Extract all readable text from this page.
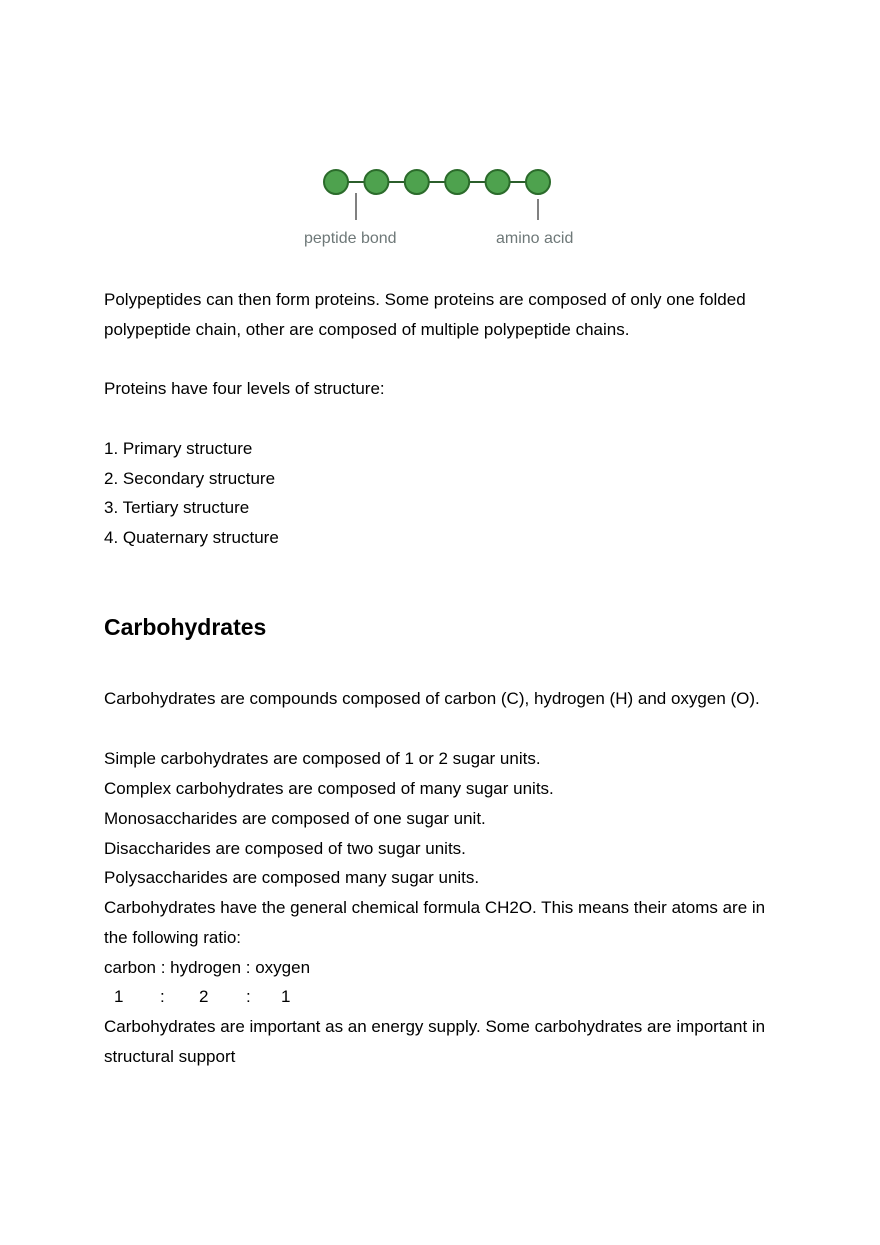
peptide bond	amino acid
Polypeptides can then form proteins. Some proteins are composed of only one folded
polypeptide chain, other are composed of multiple polypeptide chains.
Proteins have four levels of structure:
1. Primary structure
2. Secondary structure
3. Tertiary structure
4. Quaternary structure
Carbohydrates
Carbohydrates are compounds composed of carbon (C), hydrogen (H) and oxygen (O).
Simple carbohydrates are composed of 1 or 2 sugar units.
Complex carbohydrates are composed of many sugar units.
Monosaccharides are composed of one sugar unit.
Disaccharides are composed of two sugar units.
Polysaccharides are composed many sugar units.
Carbohydrates have the general chemical formula CH2O. This means their atoms are in
the following ratio:
carbon : hydrogen : oxygen
1 : 2 : 1
Carbohydrates are important as an energy supply. Some carbohydrates are important in
structural support
